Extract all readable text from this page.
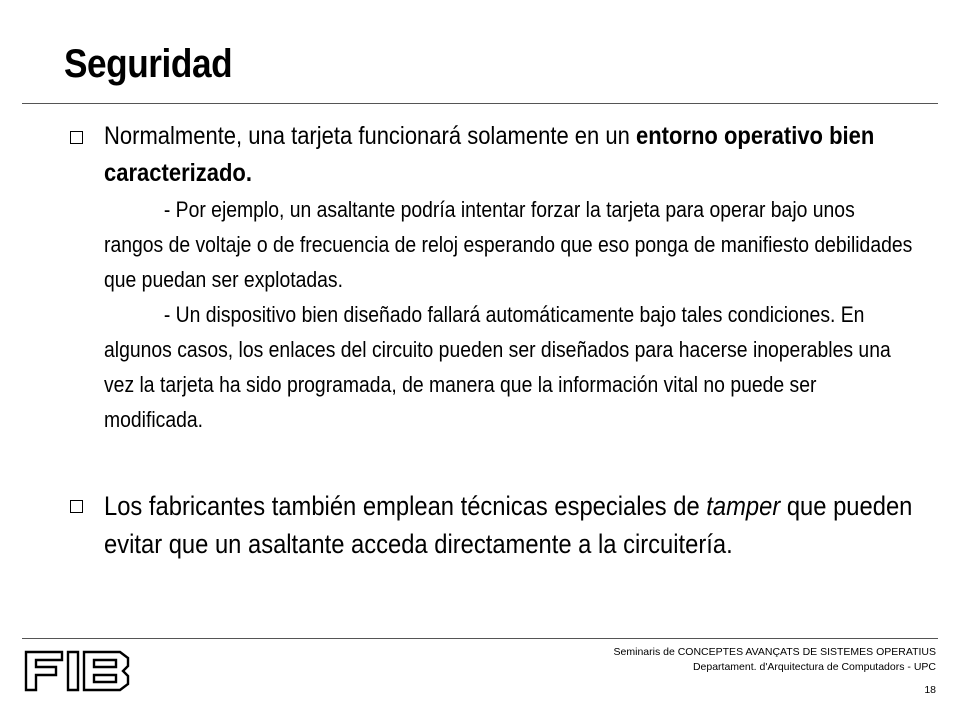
Seguridad
Normalmente, una tarjeta funcionará solamente en un entorno operativo bien caracterizado.
- Por ejemplo, un asaltante podría intentar forzar la tarjeta para operar bajo unos rangos de voltaje o de frecuencia de reloj esperando que eso ponga de manifiesto debilidades que puedan ser explotadas.
- Un dispositivo bien diseñado fallará automáticamente bajo tales condiciones. En algunos casos, los enlaces del circuito pueden ser diseñados para hacerse inoperables una vez la tarjeta ha sido programada, de manera que la información vital no puede ser modificada.
Los fabricantes también emplean técnicas especiales de tamper que pueden evitar que un asaltante acceda directamente a la circuitería.
Seminaris de CONCEPTES AVANÇATS DE SISTEMES OPERATIUS
Departament. d'Arquitectura de Computadors - UPC
18
